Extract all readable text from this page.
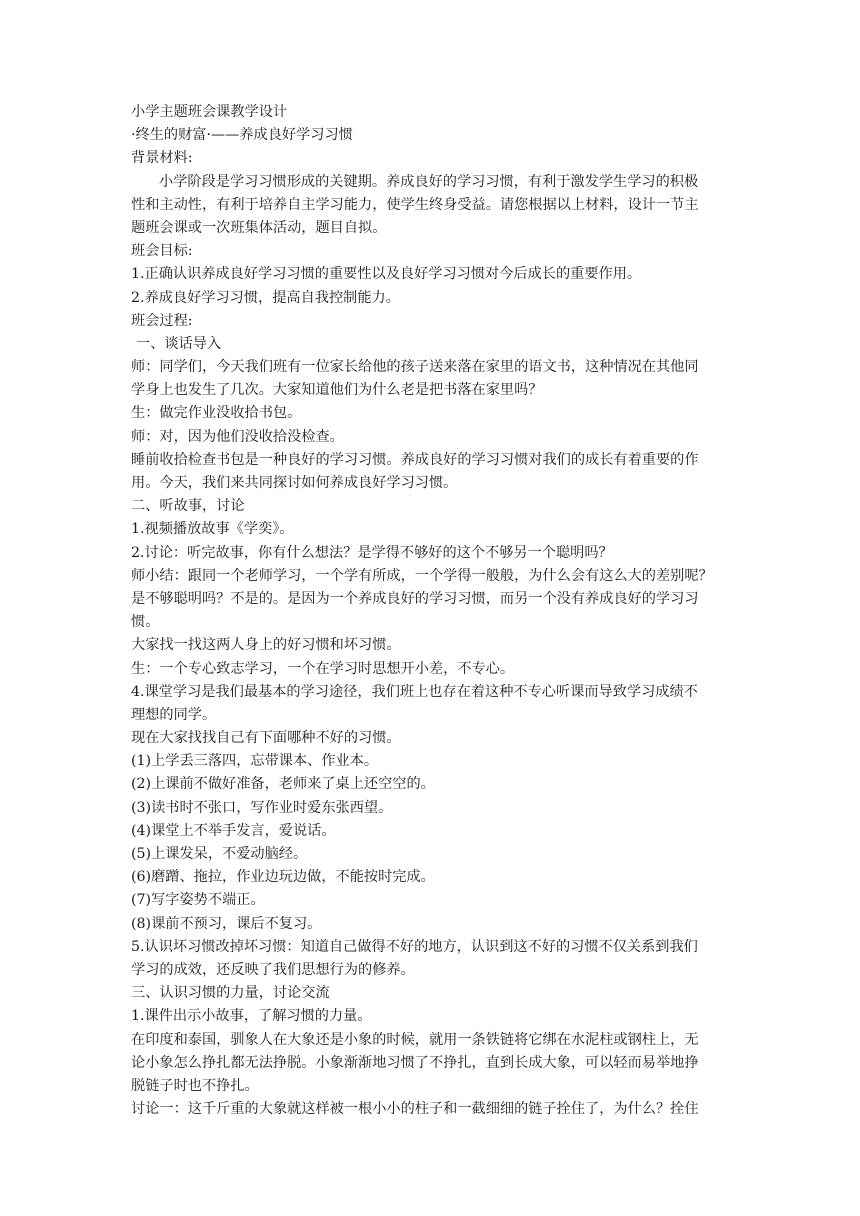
小学主题班会课教学设计
·终生的财富·——养成良好学习习惯
背景材料:
小学阶段是学习习惯形成的关键期。养成良好的学习习惯，有利于激发学生学习的积极
性和主动性，有利于培养自主学习能力，使学生终身受益。请您根据以上材料，设计一节主
题班会课或一次班集体活动，题目自拟。
班会目标:
1.正确认识养成良好学习习惯的重要性以及良好学习习惯对今后成长的重要作用。
2.养成良好学习习惯，提高自我控制能力。
班会过程:
一、谈话导入
师：同学们，今天我们班有一位家长给他的孩子送来落在家里的语文书，这种情况在其他同
学身上也发生了几次。大家知道他们为什么老是把书落在家里吗？
生：做完作业没收拾书包。
师：对，因为他们没收拾没检查。
睡前收拾检查书包是一种良好的学习习惯。养成良好的学习习惯对我们的成长有着重要的作
用。今天，我们来共同探讨如何养成良好学习习惯。
二、听故事，讨论
1.视频播放故事《学奕》。
2.讨论：听完故事，你有什么想法？是学得不够好的这个不够另一个聪明吗？
师小结：跟同一个老师学习，一个学有所成，一个学得一般般，为什么会有这么大的差别呢？
是不够聪明吗？不是的。是因为一个养成良好的学习习惯，而另一个没有养成良好的学习习
惯。
大家找一找这两人身上的好习惯和坏习惯。
生：一个专心致志学习，一个在学习时思想开小差，不专心。
4.课堂学习是我们最基本的学习途径，我们班上也存在着这种不专心听课而导致学习成绩不
理想的同学。
现在大家找找自己有下面哪种不好的习惯。
(1)上学丢三落四，忘带课本、作业本。
(2)上课前不做好准备，老师来了桌上还空空的。
(3)读书时不张口，写作业时爱东张西望。
(4)课堂上不举手发言，爱说话。
(5)上课发呆，不爱动脑经。
(6)磨蹭、拖拉，作业边玩边做，不能按时完成。
(7)写字姿势不端正。
(8)课前不预习，课后不复习。
5.认识坏习惯改掉坏习惯：知道自己做得不好的地方，认识到这不好的习惯不仅关系到我们
学习的成效，还反映了我们思想行为的修养。
三、认识习惯的力量，讨论交流
1.课件出示小故事，了解习惯的力量。
在印度和泰国，驯象人在大象还是小象的时候，就用一条铁链将它绑在水泥柱或钢柱上，无
论小象怎么挣扎都无法挣脱。小象渐渐地习惯了不挣扎，直到长成大象，可以轻而易举地挣
脱链子时也不挣扎。
讨论一：这千斤重的大象就这样被一根小小的柱子和一截细细的链子拴住了，为什么？拴住
